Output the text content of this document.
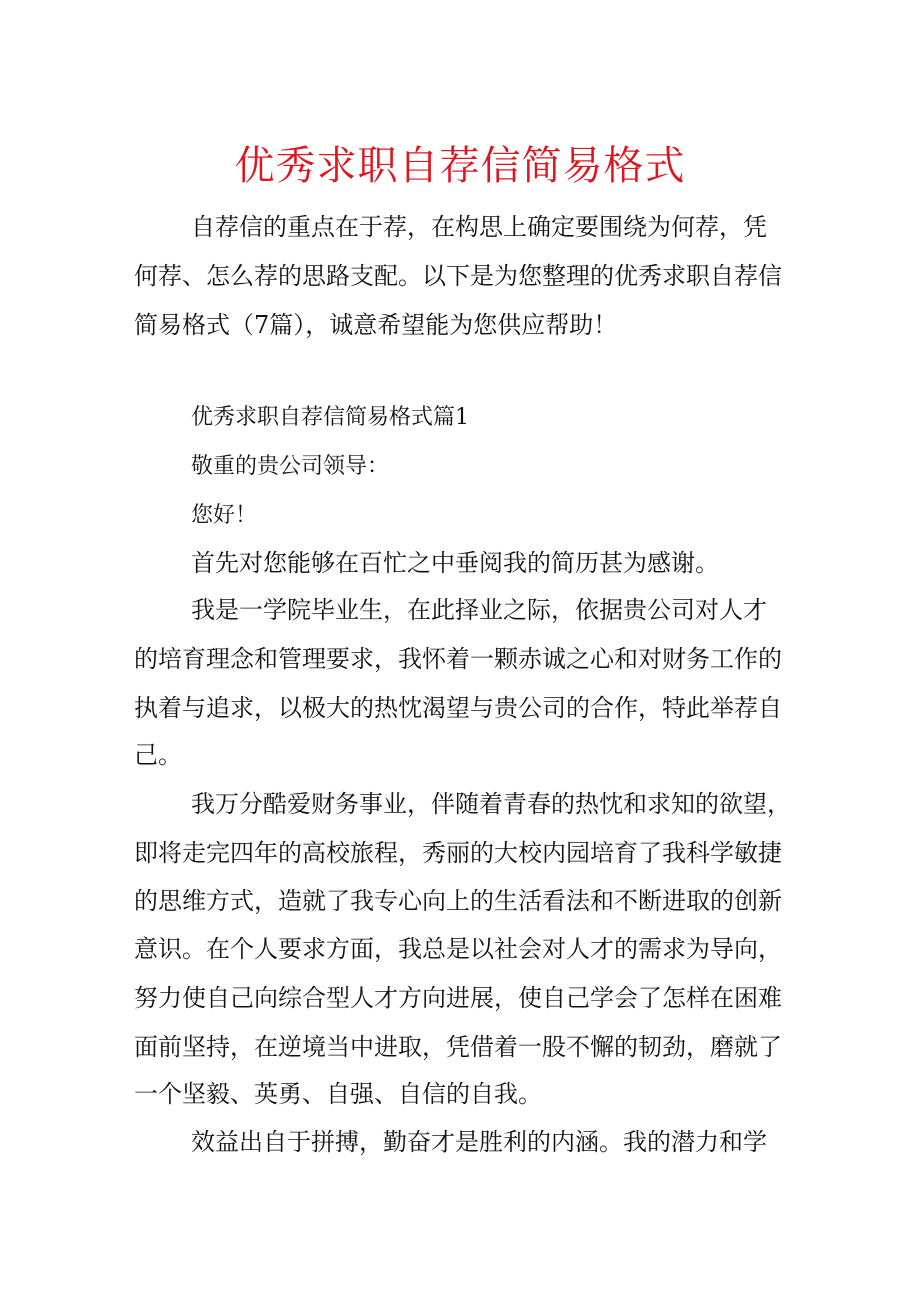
优秀求职自荐信简易格式

自荐信的重点在于荐，在构思上确定要围绕为何荐，凭

何荐、怎么荐的思路支配。以下是为您整理的优秀求职自荐信

简易格式（7篇），诚意希望能为您供应帮助！

优秀求职自荐信简易格式篇1

敬重的贵公司领导：

您好！

首先对您能够在百忙之中垂阅我的简历甚为感谢。

我是一学院毕业生，在此择业之际，依据贵公司对人才

的培育理念和管理要求，我怀着一颗赤诚之心和对财务工作的

执着与追求，以极大的热忱渴望与贵公司的合作，特此举荐自

己。

我万分酷爱财务事业，伴随着青春的热忱和求知的欲望，

即将走完四年的高校旅程，秀丽的大校内园培育了我科学敏捷

的思维方式，造就了我专心向上的生活看法和不断进取的创新

意识。在个人要求方面，我总是以社会对人才的需求为导向，

努力使自己向综合型人才方向进展，使自己学会了怎样在困难

面前坚持，在逆境当中进取，凭借着一股不懈的韧劲，磨就了

一个坚毅、英勇、自强、自信的自我。

效益出自于拼搏，勤奋才是胜利的内涵。我的潜力和学
